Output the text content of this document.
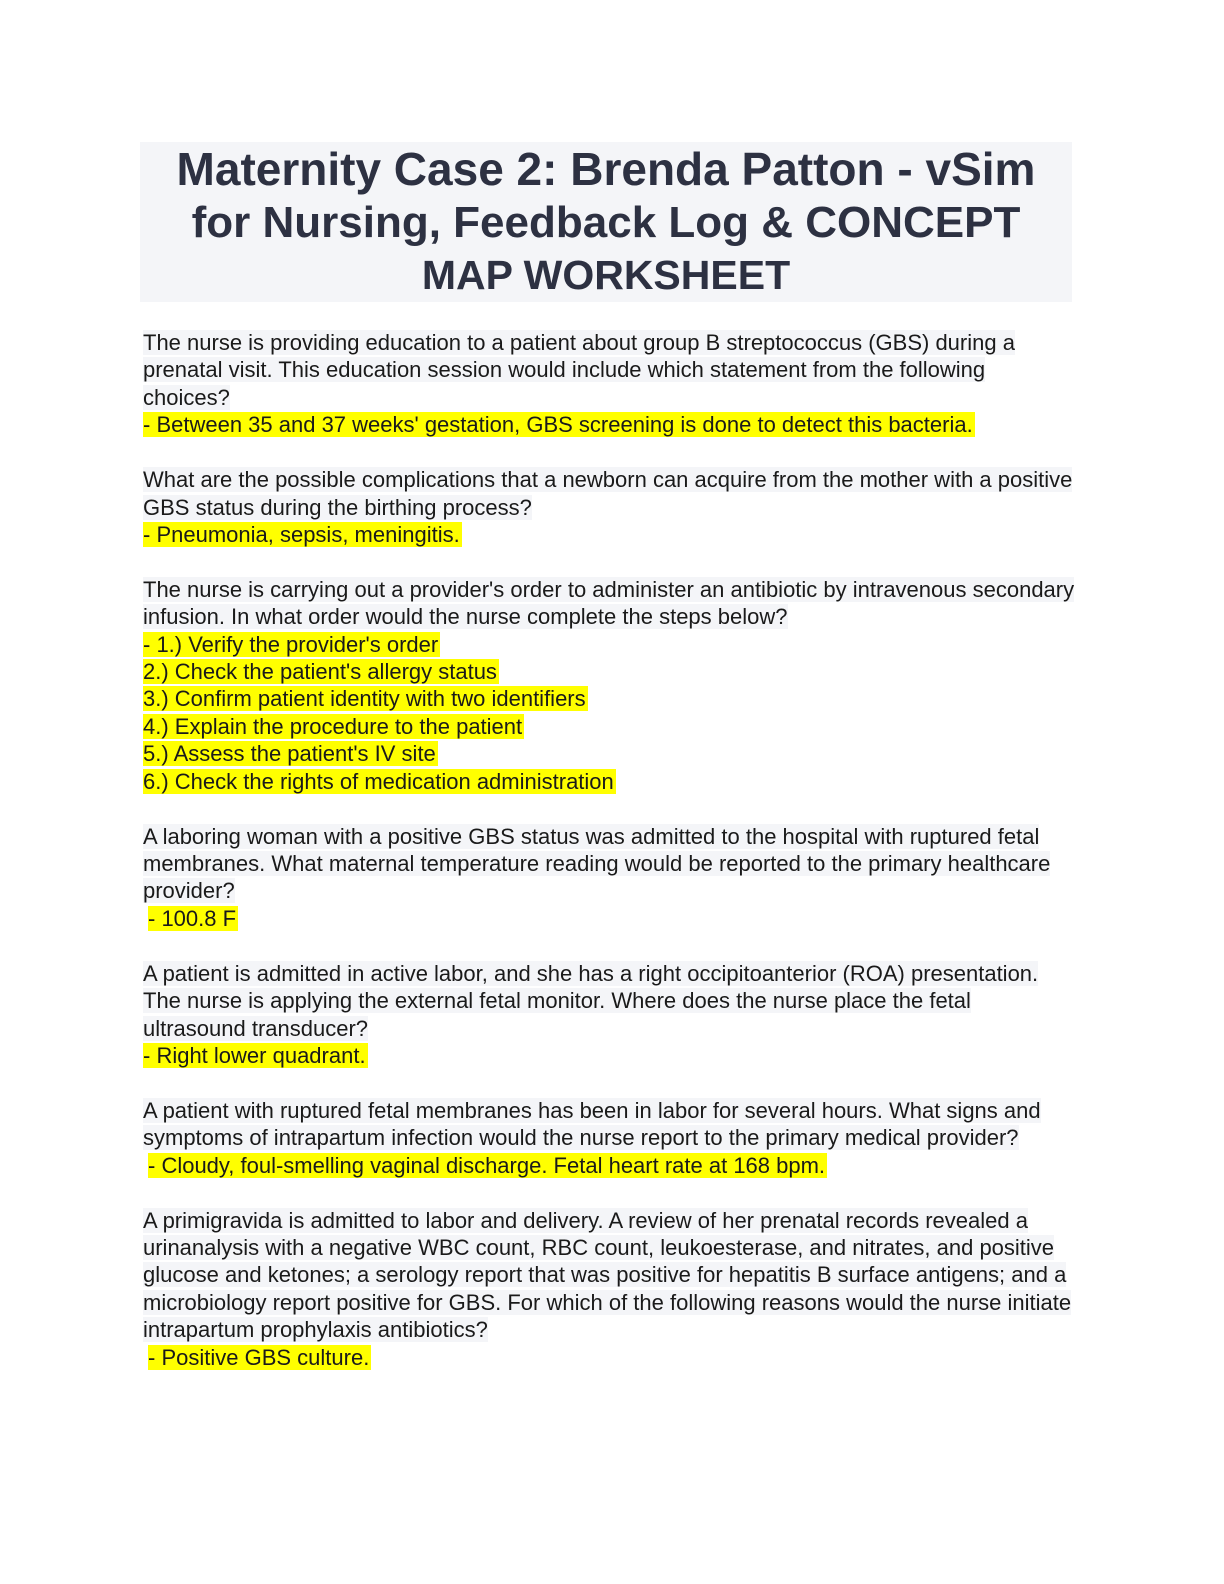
Maternity Case 2: Brenda Patton - vSim
for Nursing, Feedback Log & CONCEPT
MAP WORKSHEET
The nurse is providing education to a patient about group B streptococcus (GBS) during a prenatal visit. This education session would include which statement from the following choices?
- Between 35 and 37 weeks' gestation, GBS screening is done to detect this bacteria.
What are the possible complications that a newborn can acquire from the mother with a positive GBS status during the birthing process?
- Pneumonia, sepsis, meningitis.
The nurse is carrying out a provider's order to administer an antibiotic by intravenous secondary infusion. In what order would the nurse complete the steps below?
- 1.) Verify the provider's order
2.) Check the patient's allergy status
3.) Confirm patient identity with two identifiers
4.) Explain the procedure to the patient
5.) Assess the patient's IV site
6.) Check the rights of medication administration
A laboring woman with a positive GBS status was admitted to the hospital with ruptured fetal membranes. What maternal temperature reading would be reported to the primary healthcare provider?
- 100.8 F
A patient is admitted in active labor, and she has a right occipitoanterior (ROA) presentation. The nurse is applying the external fetal monitor. Where does the nurse place the fetal ultrasound transducer?
- Right lower quadrant.
A patient with ruptured fetal membranes has been in labor for several hours. What signs and symptoms of intrapartum infection would the nurse report to the primary medical provider?
- Cloudy, foul-smelling vaginal discharge. Fetal heart rate at 168 bpm.
A primigravida is admitted to labor and delivery. A review of her prenatal records revealed a urinanalysis with a negative WBC count, RBC count, leukoesterase, and nitrates, and positive glucose and ketones; a serology report that was positive for hepatitis B surface antigens; and a microbiology report positive for GBS. For which of the following reasons would the nurse initiate intrapartum prophylaxis antibiotics?
- Positive GBS culture.
